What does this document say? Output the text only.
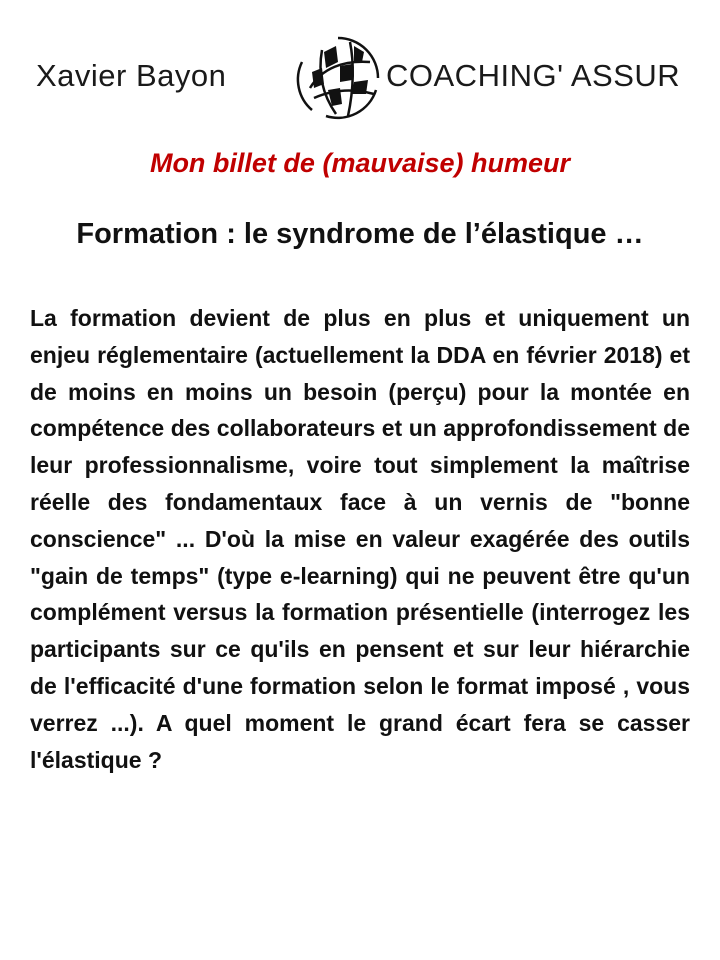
Xavier Bayon	COACHING' ASSUR
Mon billet de (mauvaise) humeur
Formation : le syndrome de l’élastique …
La formation devient de plus en plus et uniquement un enjeu réglementaire (actuellement la DDA en février 2018) et de moins en moins un besoin (perçu) pour la montée en compétence des collaborateurs et un approfondissement de leur professionnalisme, voire tout simplement la maîtrise réelle des fondamentaux face à un vernis de "bonne conscience" ... D'où la mise en valeur exagérée des outils "gain de temps" (type e-learning) qui ne peuvent être qu'un complément versus la formation présentielle (interrogez les participants sur ce qu'ils en pensent et sur leur hiérarchie de l'efficacité d'une formation selon le format imposé , vous verrez ...). A quel moment le grand écart fera se casser l'élastique ?
